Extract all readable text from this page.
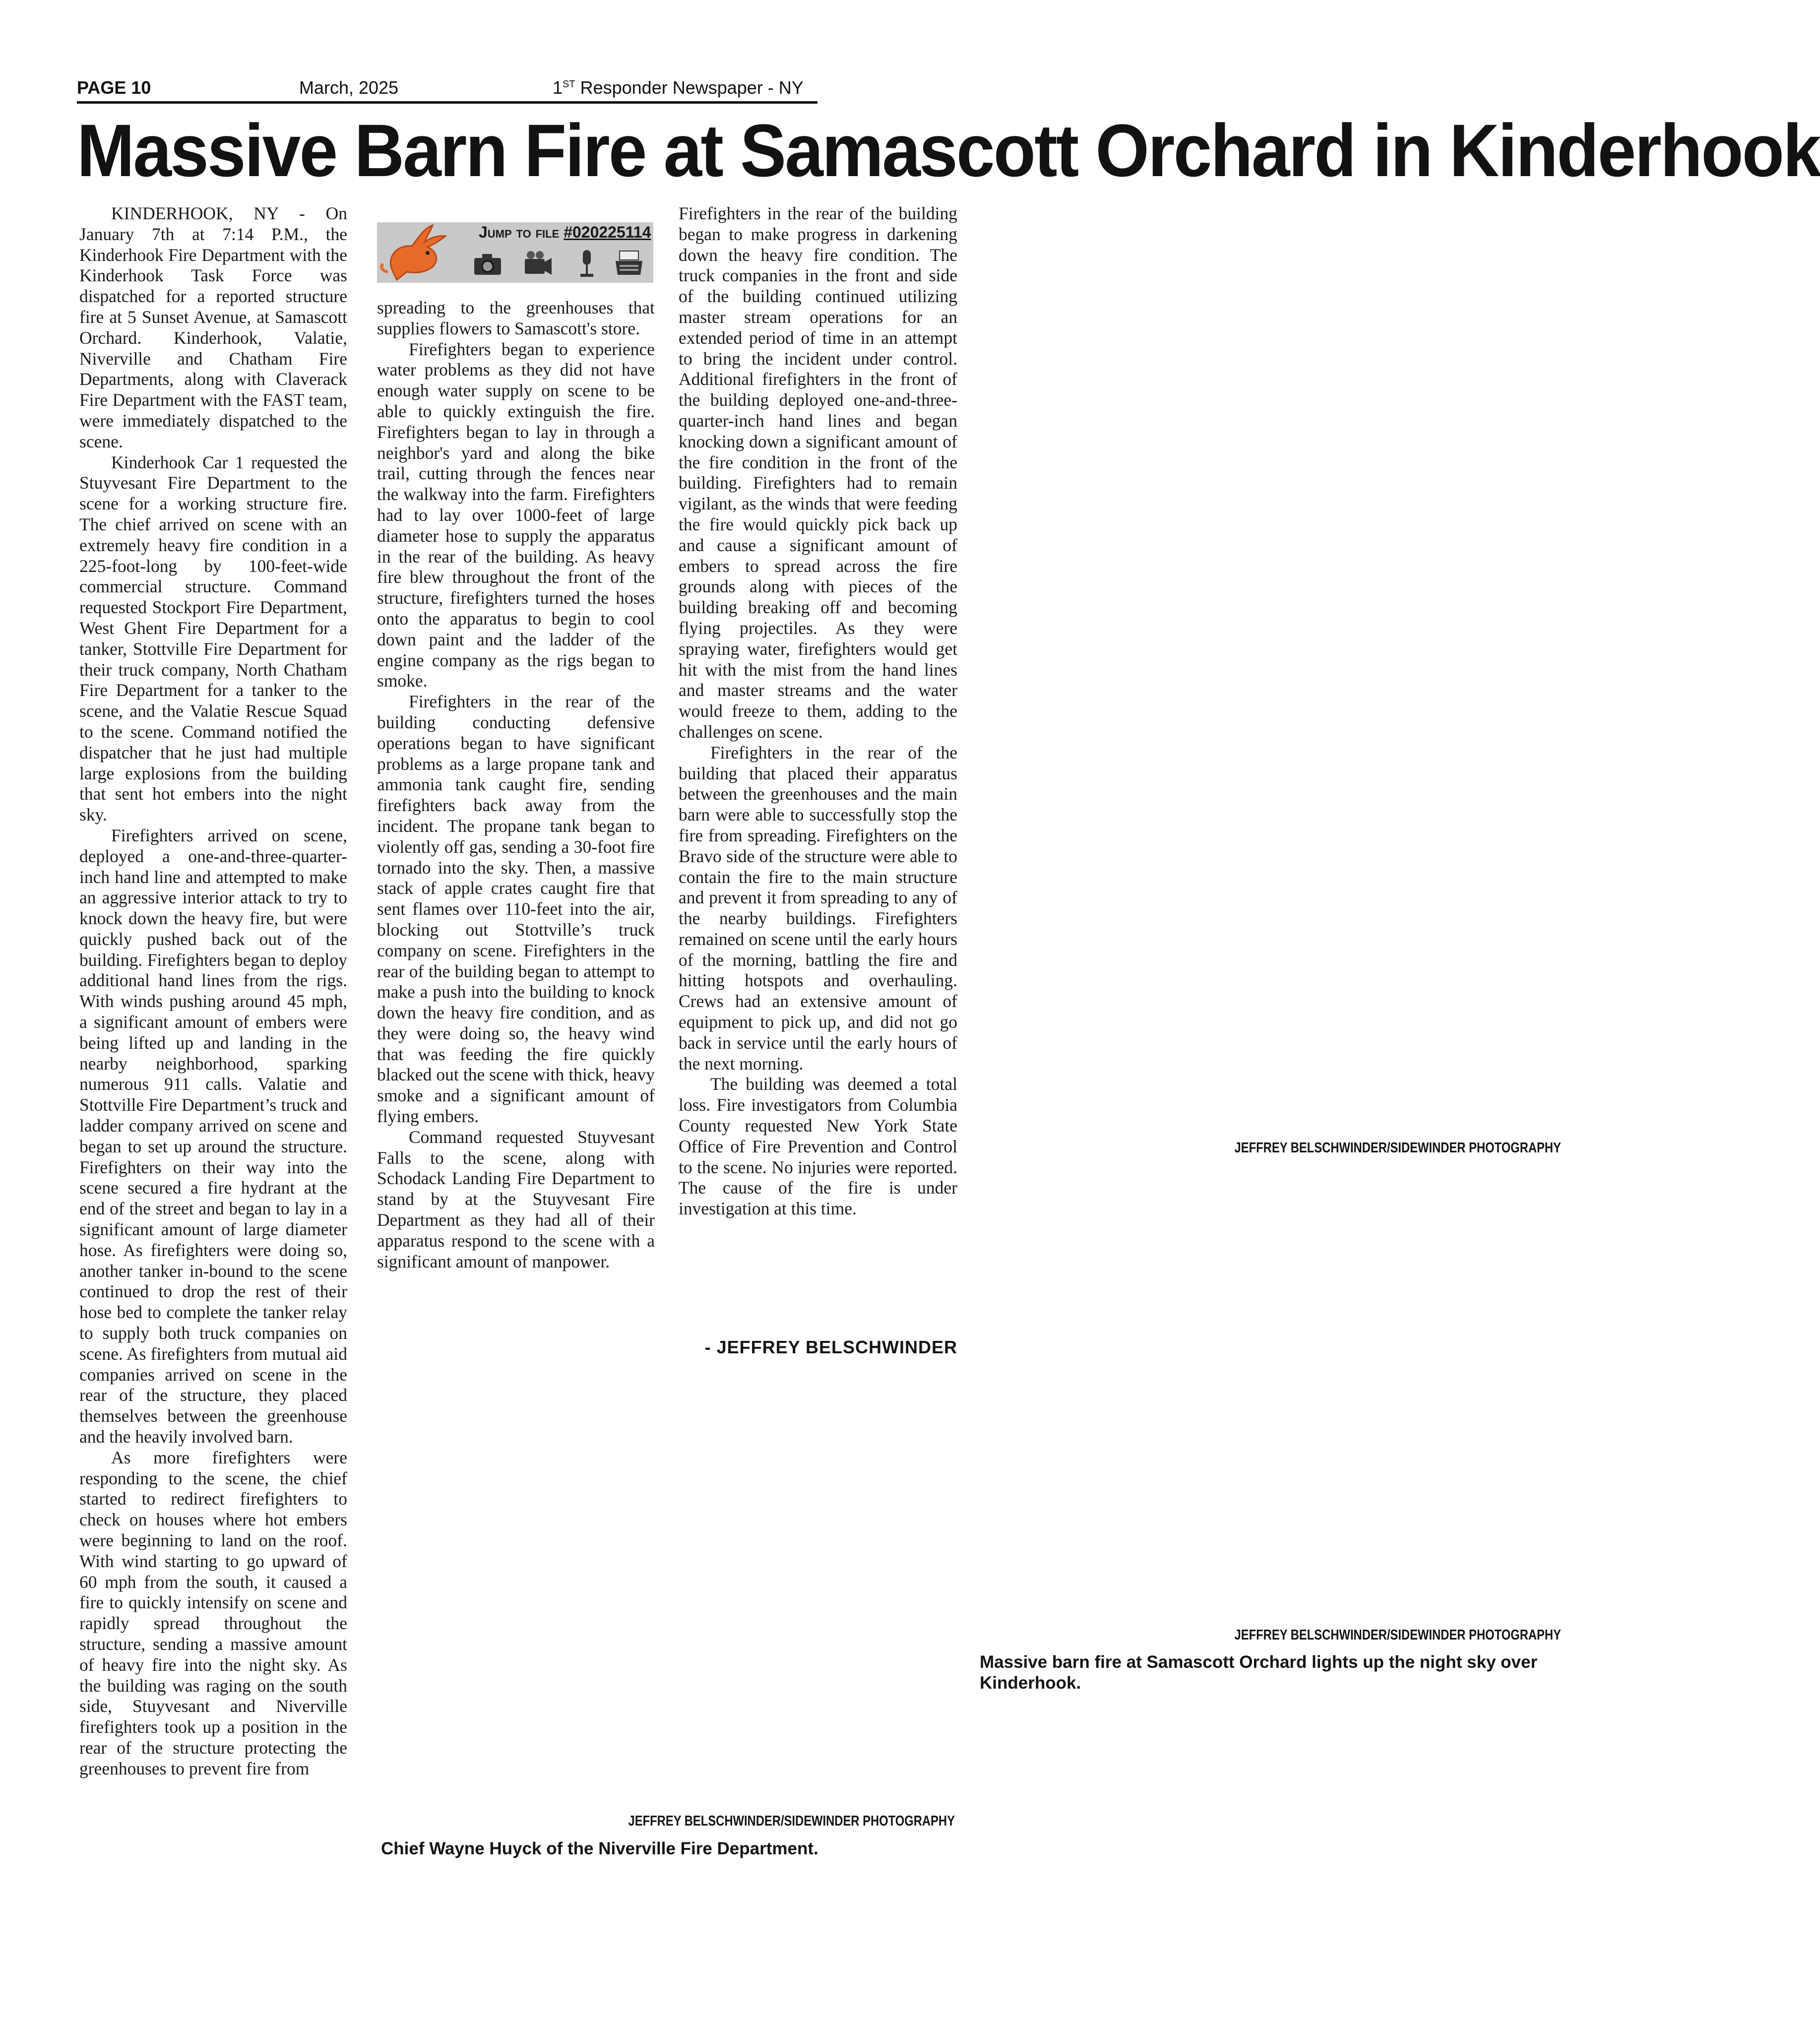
PAGE 10	March, 2025	1ST Responder Newspaper - NY
Massive Barn Fire at Samascott Orchard in Kinderhook

KINDERHOOK, NY - On January 7th at 7:14 P.M., the Kinderhook Fire Department with the Kinderhook Task Force was dispatched for a reported structure fire at 5 Sunset Avenue, at Samascott Orchard. Kinderhook, Valatie, Niverville and Chatham Fire Departments, along with Claverack Fire Department with the FAST team, were immediately dispatched to the scene.

Kinderhook Car 1 requested the Stuyvesant Fire Department to the scene for a working structure fire. The chief arrived on scene with an extremely heavy fire condition in a 225-foot-long by 100-feet-wide commercial structure. Command requested Stockport Fire Department, West Ghent Fire Department for a tanker, Stottville Fire Department for their truck company, North Chatham Fire Department for a tanker to the scene, and the Valatie Rescue Squad to the scene. Command notified the dispatcher that he just had multiple large explosions from the building that sent hot embers into the night sky.

Firefighters arrived on scene, deployed a one-and-three-quarter-inch hand line and attempted to make an aggressive interior attack to try to knock down the heavy fire, but were quickly pushed back out of the building. Firefighters began to deploy additional hand lines from the rigs. With winds pushing around 45 mph, a significant amount of embers were being lifted up and landing in the nearby neighborhood, sparking numerous 911 calls. Valatie and Stottville Fire Department’s truck and ladder company arrived on scene and began to set up around the structure. Firefighters on their way into the scene secured a fire hydrant at the end of the street and began to lay in a significant amount of large diameter hose. As firefighters were doing so, another tanker in-bound to the scene continued to drop the rest of their hose bed to complete the tanker relay to supply both truck companies on scene. As firefighters from mutual aid companies arrived on scene in the rear of the structure, they placed themselves between the greenhouse and the heavily involved barn.

As more firefighters were responding to the scene, the chief started to redirect firefighters to check on houses where hot embers were beginning to land on the roof. With wind starting to go upward of 60 mph from the south, it caused a fire to quickly intensify on scene and rapidly spread throughout the structure, sending a massive amount of heavy fire into the night sky. As the building was raging on the south side, Stuyvesant and Niverville firefighters took up a position in the rear of the structure protecting the greenhouses to prevent fire from

Jump to file #020225114

spreading to the greenhouses that supplies flowers to Samascott's store.

Firefighters began to experience water problems as they did not have enough water supply on scene to be able to quickly extinguish the fire. Firefighters began to lay in through a neighbor's yard and along the bike trail, cutting through the fences near the walkway into the farm. Firefighters had to lay over 1000-feet of large diameter hose to supply the apparatus in the rear of the building. As heavy fire blew throughout the front of the structure, firefighters turned the hoses onto the apparatus to begin to cool down paint and the ladder of the engine company as the rigs began to smoke.

Firefighters in the rear of the building conducting defensive operations began to have significant problems as a large propane tank and ammonia tank caught fire, sending firefighters back away from the incident. The propane tank began to violently off gas, sending a 30-foot fire tornado into the sky. Then, a massive stack of apple crates caught fire that sent flames over 110-feet into the air, blocking out Stottville’s truck company on scene. Firefighters in the rear of the building began to attempt to make a push into the building to knock down the heavy fire condition, and as they were doing so, the heavy wind that was feeding the fire quickly blacked out the scene with thick, heavy smoke and a significant amount of flying embers.

Command requested Stuyvesant Falls to the scene, along with Schodack Landing Fire Department to stand by at the Stuyvesant Fire Department as they had all of their apparatus respond to the scene with a significant amount of manpower.

Firefighters in the rear of the building began to make progress in darkening down the heavy fire condition. The truck companies in the front and side of the building continued utilizing master stream operations for an extended period of time in an attempt to bring the incident under control. Additional firefighters in the front of the building deployed one-and-three-quarter-inch hand lines and began knocking down a significant amount of the fire condition in the front of the building. Firefighters had to remain vigilant, as the winds that were feeding the fire would quickly pick back up and cause a significant amount of embers to spread across the fire grounds along with pieces of the building breaking off and becoming flying projectiles. As they were spraying water, firefighters would get hit with the mist from the hand lines and master streams and the water would freeze to them, adding to the challenges on scene.

Firefighters in the rear of the building that placed their apparatus between the greenhouses and the main barn were able to successfully stop the fire from spreading. Firefighters on the Bravo side of the structure were able to contain the fire to the main structure and prevent it from spreading to any of the nearby buildings. Firefighters remained on scene until the early hours of the morning, battling the fire and hitting hotspots and overhauling. Crews had an extensive amount of equipment to pick up, and did not go back in service until the early hours of the next morning.

The building was deemed a total loss. Fire investigators from Columbia County requested New York State Office of Fire Prevention and Control to the scene. No injuries were reported. The cause of the fire is under investigation at this time.

- JEFFREY BELSCHWINDER
JEFFREY BELSCHWINDER/SIDEWINDER PHOTOGRAPHY
JEFFREY BELSCHWINDER/SIDEWINDER PHOTOGRAPHY
Massive barn fire at Samascott Orchard lights up the night sky over Kinderhook.
JEFFREY BELSCHWINDER/SIDEWINDER PHOTOGRAPHY
Chief Wayne Huyck of the Niverville Fire Department.
